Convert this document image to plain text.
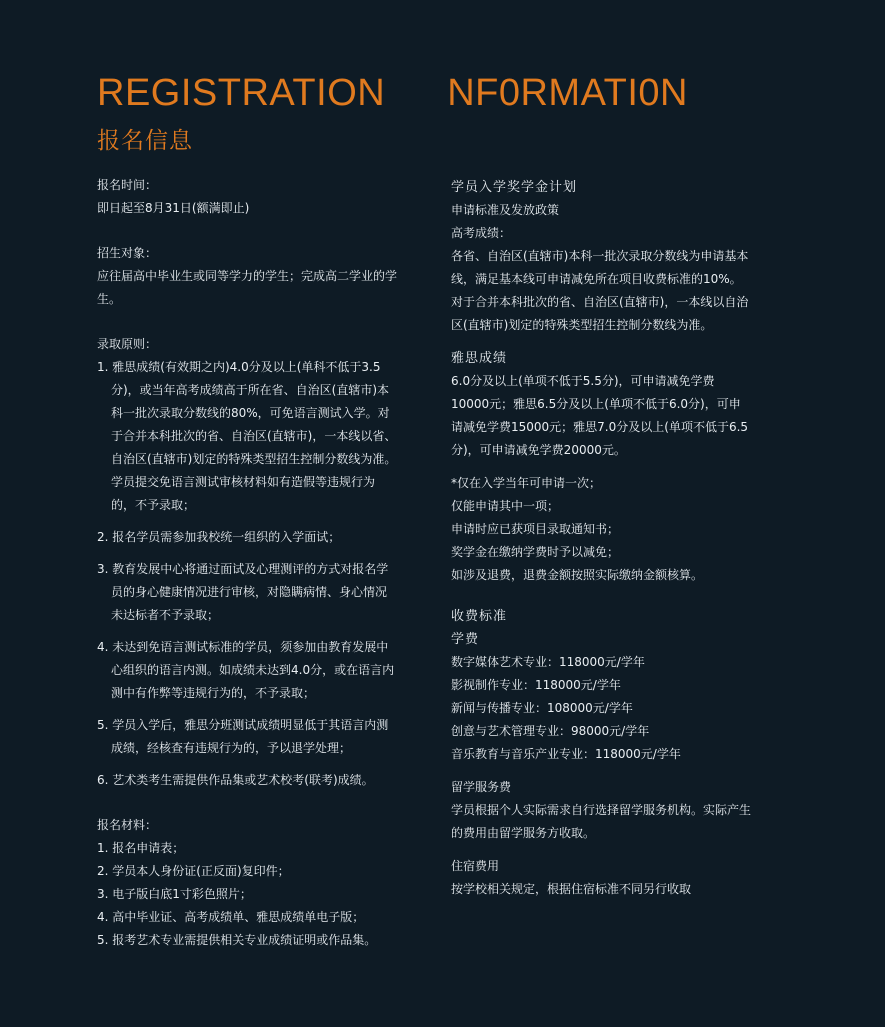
REGISTRATION NF0RMATI0N
报名信息

报名时间：

即日起至8月31日(额满即止)

招生对象：

应往届高中毕业生或同等学力的学生；完成高二学业的学生。

录取原则：

1. 雅思成绩(有效期之内)4.0分及以上(单科不低于3.5分)，或当年高考成绩高于所在省、自治区(直辖市)本科一批次录取分数线的80%，可免语言测试入学。对于合并本科批次的省、自治区(直辖市)，一本线以省、自治区(直辖市)划定的特殊类型招生控制分数线为准。学员提交免语言测试审核材料如有造假等违规行为的，不予录取；

2. 报名学员需参加我校统一组织的入学面试；

3. 教育发展中心将通过面试及心理测评的方式对报名学员的身心健康情况进行审核，对隐瞒病情、身心情况未达标者不予录取；

4. 未达到免语言测试标准的学员，须参加由教育发展中心组织的语言内测。如成绩未达到4.0分，或在语言内测中有作弊等违规行为的，不予录取；

5. 学员入学后，雅思分班测试成绩明显低于其语言内测成绩，经核查有违规行为的，予以退学处理；

6. 艺术类考生需提供作品集或艺术校考(联考)成绩。

报名材料：

1. 报名申请表；

2. 学员本人身份证(正反面)复印件；

3. 电子版白底1寸彩色照片；

4. 高中毕业证、高考成绩单、雅思成绩单电子版；

5. 报考艺术专业需提供相关专业成绩证明或作品集。

学员入学奖学金计划

申请标准及发放政策

高考成绩：

各省、自治区(直辖市)本科一批次录取分数线为申请基本线，满足基本线可申请减免所在项目收费标准的10%。对于合并本科批次的省、自治区(直辖市)，一本线以自治区(直辖市)划定的特殊类型招生控制分数线为准。

雅思成绩

6.0分及以上(单项不低于5.5分)，可申请减免学费10000元；雅思6.5分及以上(单项不低于6.0分)，可申请减免学费15000元；雅思7.0分及以上(单项不低于6.5分)，可申请减免学费20000元。

*仅在入学当年可申请一次；

仅能申请其中一项；

申请时应已获项目录取通知书；

奖学金在缴纳学费时予以减免；

如涉及退费，退费金额按照实际缴纳金额核算。

收费标准

学费

数字媒体艺术专业：118000元/学年

影视制作专业：118000元/学年

新闻与传播专业：108000元/学年

创意与艺术管理专业：98000元/学年

音乐教育与音乐产业专业：118000元/学年

留学服务费

学员根据个人实际需求自行选择留学服务机构。实际产生的费用由留学服务方收取。

住宿费用

按学校相关规定，根据住宿标准不同另行收取
